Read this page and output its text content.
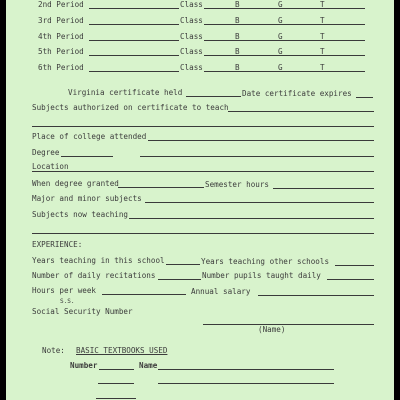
2nd Period	Class	B	G	T
3rd Period	Class	B	G	T
4th Period	Class	B	G	T
5th Period	Class	B	G	T
6th Period	Class	B	G	T
Virginia certificate held	Date certificate expires
Subjects authorized on certificate to teach
Place of college attended
Degree
Location
When degree granted	Semester hours
Major and minor subjects
Subjects now teaching
EXPERIENCE:
Years teaching in this school	Years teaching other schools
Number of daily recitations	Number pupils taught daily
Hours per week	Annual salary
S.S.
Social Security Number
(Name)
Note: BASIC TEXTBOOKS USED
Number	Name
